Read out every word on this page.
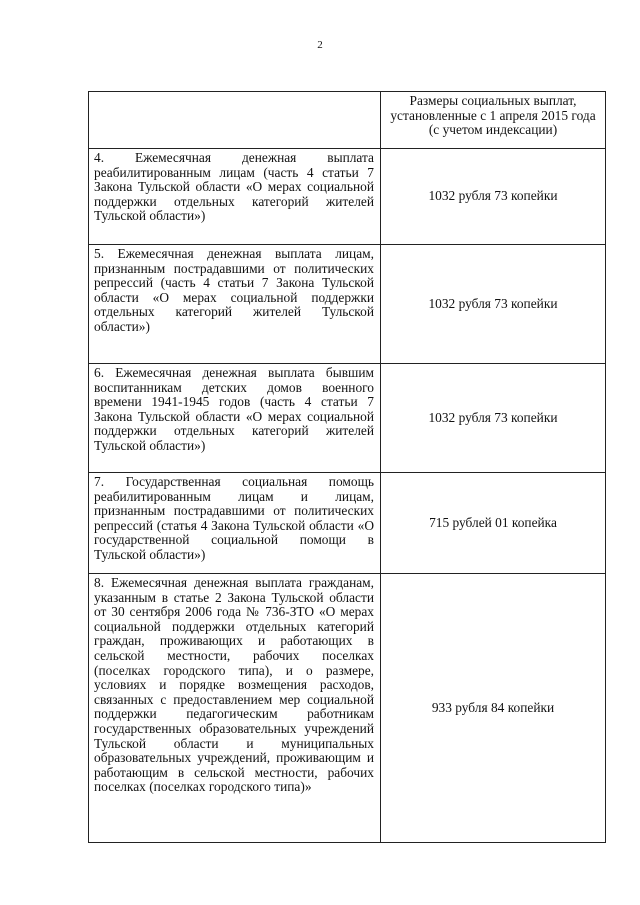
2
	Размеры социальных выплат, установленные с 1 апреля 2015 года (с учетом индексации)
4. Ежемесячная денежная выплата реабилитированным лицам (часть 4 статьи 7 Закона Тульской области «О мерах социальной поддержки отдельных категорий жителей Тульской области»)	1032 рубля 73 копейки
5. Ежемесячная денежная выплата лицам, признанным пострадавшими от политических репрессий (часть 4 статьи 7 Закона Тульской области «О мерах социальной поддержки отдельных категорий жителей Тульской области»)	1032 рубля 73 копейки
6. Ежемесячная денежная выплата бывшим воспитанникам детских домов военного времени 1941-1945 годов (часть 4 статьи 7 Закона Тульской области «О мерах социальной поддержки отдельных категорий жителей Тульской области»)	1032 рубля 73 копейки
7. Государственная социальная помощь реабилитированным лицам и лицам, признанным пострадавшими от политических репрессий (статья 4 Закона Тульской области «О государственной социальной помощи в Тульской области»)	715 рублей 01 копейка
8. Ежемесячная денежная выплата гражданам, указанным в статье 2 Закона Тульской области от 30 сентября 2006 года № 736-ЗТО «О мерах социальной поддержки отдельных категорий граждан, проживающих и работающих в сельской местности, рабочих поселках (поселках городского типа), и о размере, условиях и порядке возмещения расходов, связанных с предоставлением мер социальной поддержки педагогическим работникам государственных образовательных учреждений Тульской области и муниципальных образовательных учреждений, проживающим и работающим в сельской местности, рабочих поселках (поселках городского типа)»	933 рубля 84 копейки
